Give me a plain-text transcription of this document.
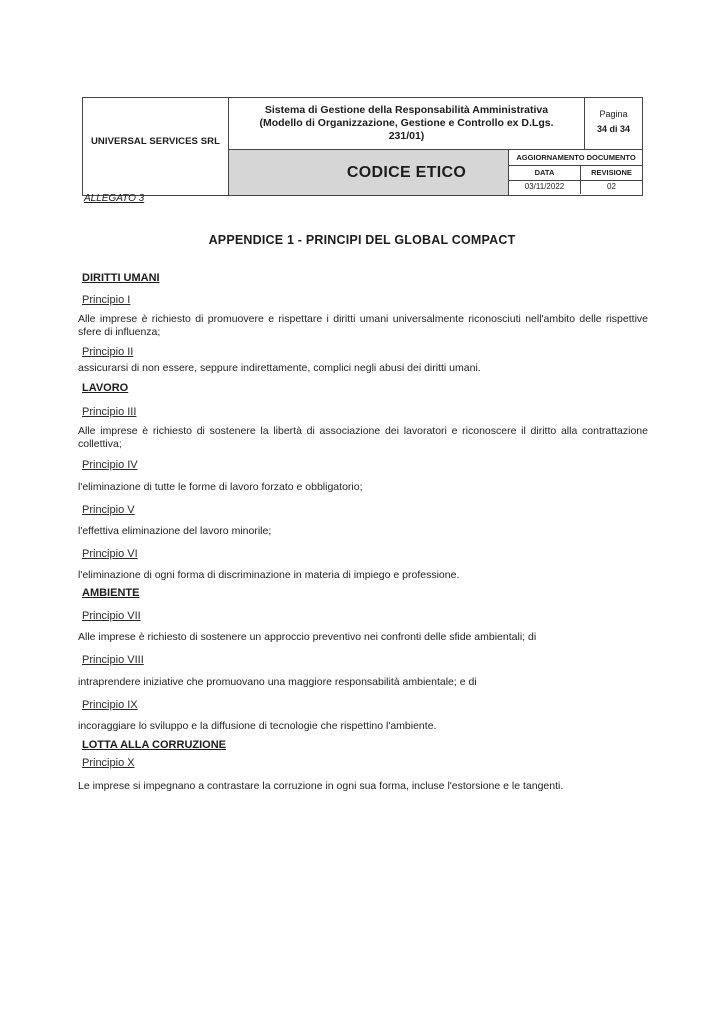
UNIVERSAL SERVICES SRL
Sistema di Gestione della Responsabilità Amministrativa
(Modello di Organizzazione, Gestione e Controllo ex D.Lgs.
231/01)
Pagina
34 di 34
CODICE ETICO
AGGIORNAMENTO DOCUMENTO
DATA	REVISIONE
03/11/2022	02
ALLEGATO 3
APPENDICE 1 - PRINCIPI DEL GLOBAL COMPACT
DIRITTI UMANI
Principio I
Alle imprese è richiesto di promuovere e rispettare i diritti umani universalmente riconosciuti nell'ambito delle rispettive sfere di influenza;
Principio II
assicurarsi di non essere, seppure indirettamente, complici negli abusi dei diritti umani.
LAVORO
Principio III
Alle imprese è richiesto di sostenere la libertà di associazione dei lavoratori e riconoscere il diritto alla contrattazione collettiva;
Principio IV
l'eliminazione di tutte le forme di lavoro forzato e obbligatorio;
Principio V
l'effettiva eliminazione del lavoro minorile;
Principio VI
l'eliminazione di ogni forma di discriminazione in materia di impiego e professione.
AMBIENTE
Principio VII
Alle imprese è richiesto di sostenere un approccio preventivo nei confronti delle sfide ambientali; di
Principio VIII
intraprendere iniziative che promuovano una maggiore responsabilità ambientale; e di
Principio IX
incoraggiare lo sviluppo e la diffusione di tecnologie che rispettino l'ambiente.
LOTTA ALLA CORRUZIONE
Principio X
Le imprese si impegnano a contrastare la corruzione in ogni sua forma, incluse l'estorsione e le tangenti.
